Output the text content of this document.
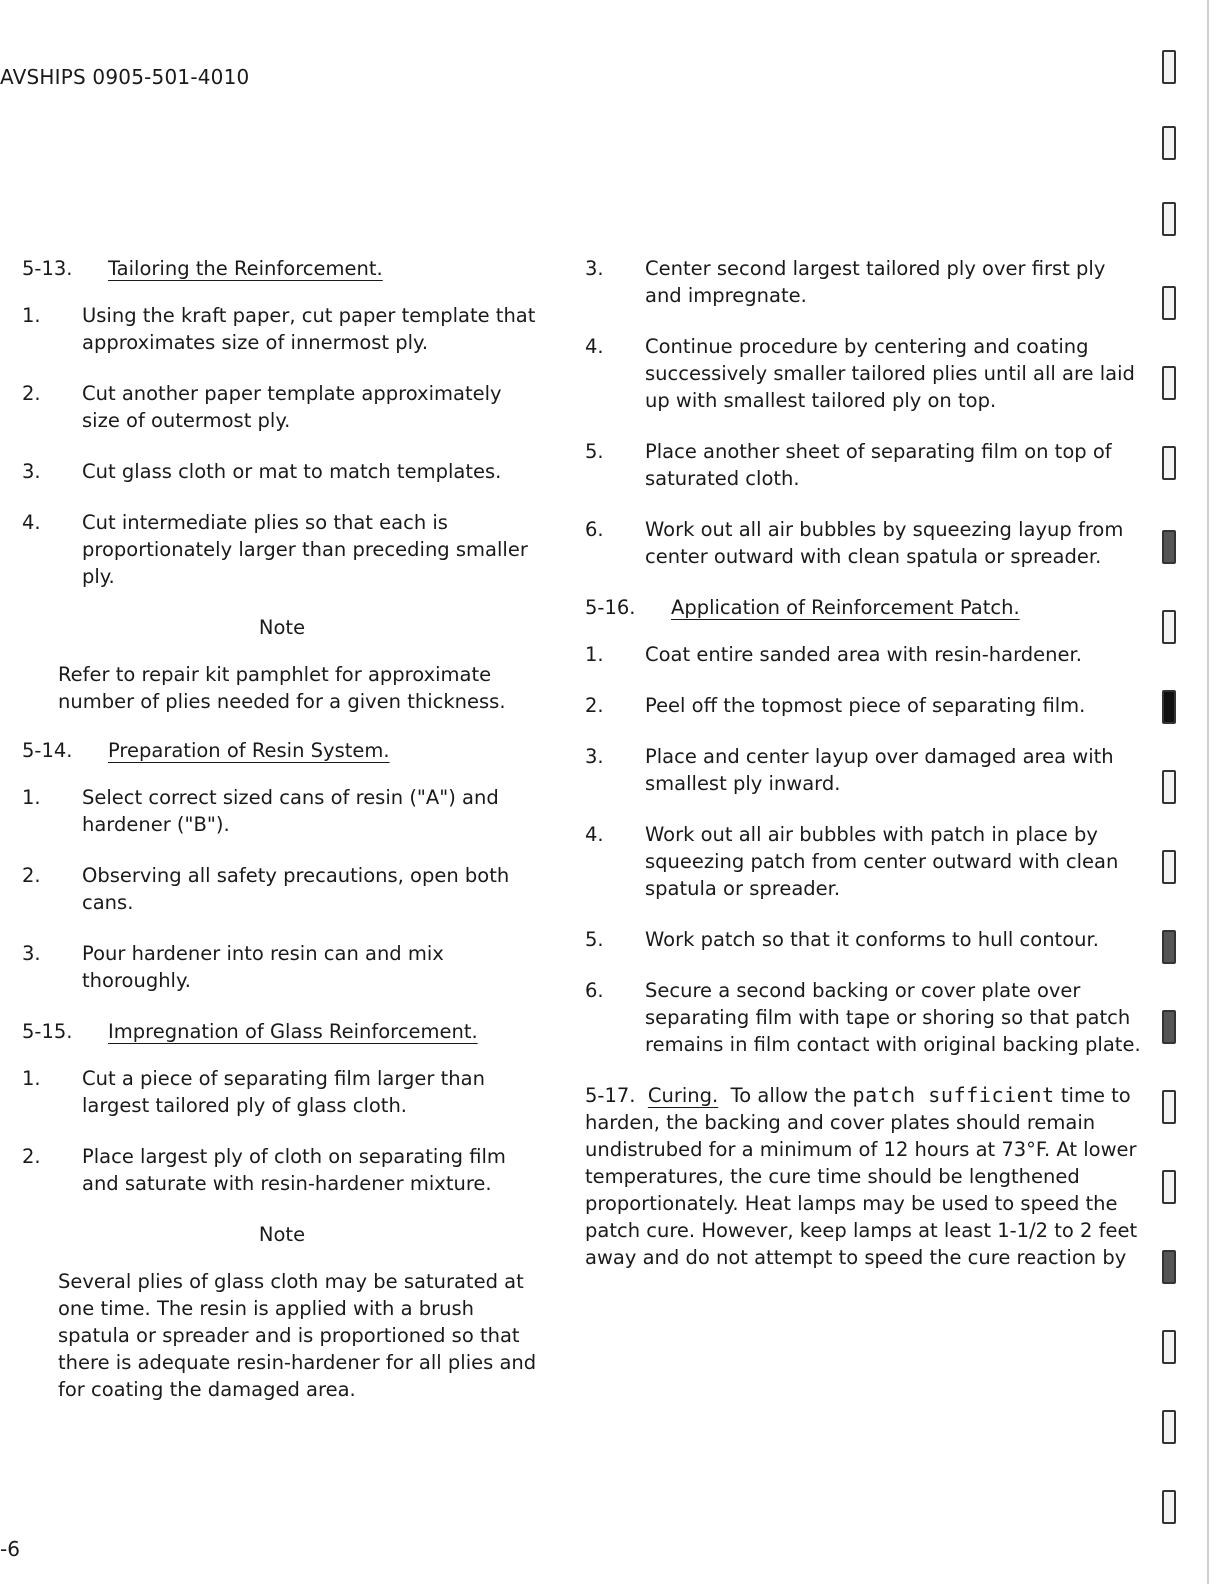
AVSHIPS 0905-501-4010
5-13. Tailoring the Reinforcement.
1.	Using the kraft paper, cut paper template that approximates size of innermost ply.
2.	Cut another paper template approximately size of outermost ply.
3.	Cut glass cloth or mat to match templates.
4.	Cut intermediate plies so that each is proportionately larger than preceding smaller ply.
Note
Refer to repair kit pamphlet for approximate number of plies needed for a given thickness.
5-14. Preparation of Resin System.
1.	Select correct sized cans of resin ("A") and hardener ("B").
2.	Observing all safety precautions, open both cans.
3.	Pour hardener into resin can and mix thoroughly.
5-15. Impregnation of Glass Reinforcement.
1.	Cut a piece of separating film larger than largest tailored ply of glass cloth.
2.	Place largest ply of cloth on separating film and saturate with resin-hardener mixture.
Note
Several plies of glass cloth may be saturated at one time. The resin is applied with a brush spatula or spreader and is proportioned so that there is adequate resin-hardener for all plies and for coating the damaged area.
3.	Center second largest tailored ply over first ply and impregnate.
4.	Continue procedure by centering and coating successively smaller tailored plies until all are laid up with smallest tailored ply on top.
5.	Place another sheet of separating film on top of saturated cloth.
6.	Work out all air bubbles by squeezing layup from center outward with clean spatula or spreader.
5-16. Application of Reinforcement Patch.
1.	Coat entire sanded area with resin-hardener.
2.	Peel off the topmost piece of separating film.
3.	Place and center layup over damaged area with smallest ply inward.
4.	Work out all air bubbles with patch in place by squeezing patch from center outward with clean spatula or spreader.
5.	Work patch so that it conforms to hull contour.
6.	Secure a second backing or cover plate over separating film with tape or shoring so that patch remains in film contact with original backing plate.

5-17. Curing. To allow the patch sufficient time to harden, the backing and cover plates should remain undistrubed for a minimum of 12 hours at 73°F. At lower temperatures, the cure time should be lengthened proportionately. Heat lamps may be used to speed the patch cure. However, keep lamps at least 1-1/2 to 2 feet away and do not attempt to speed the cure reaction by

-6
